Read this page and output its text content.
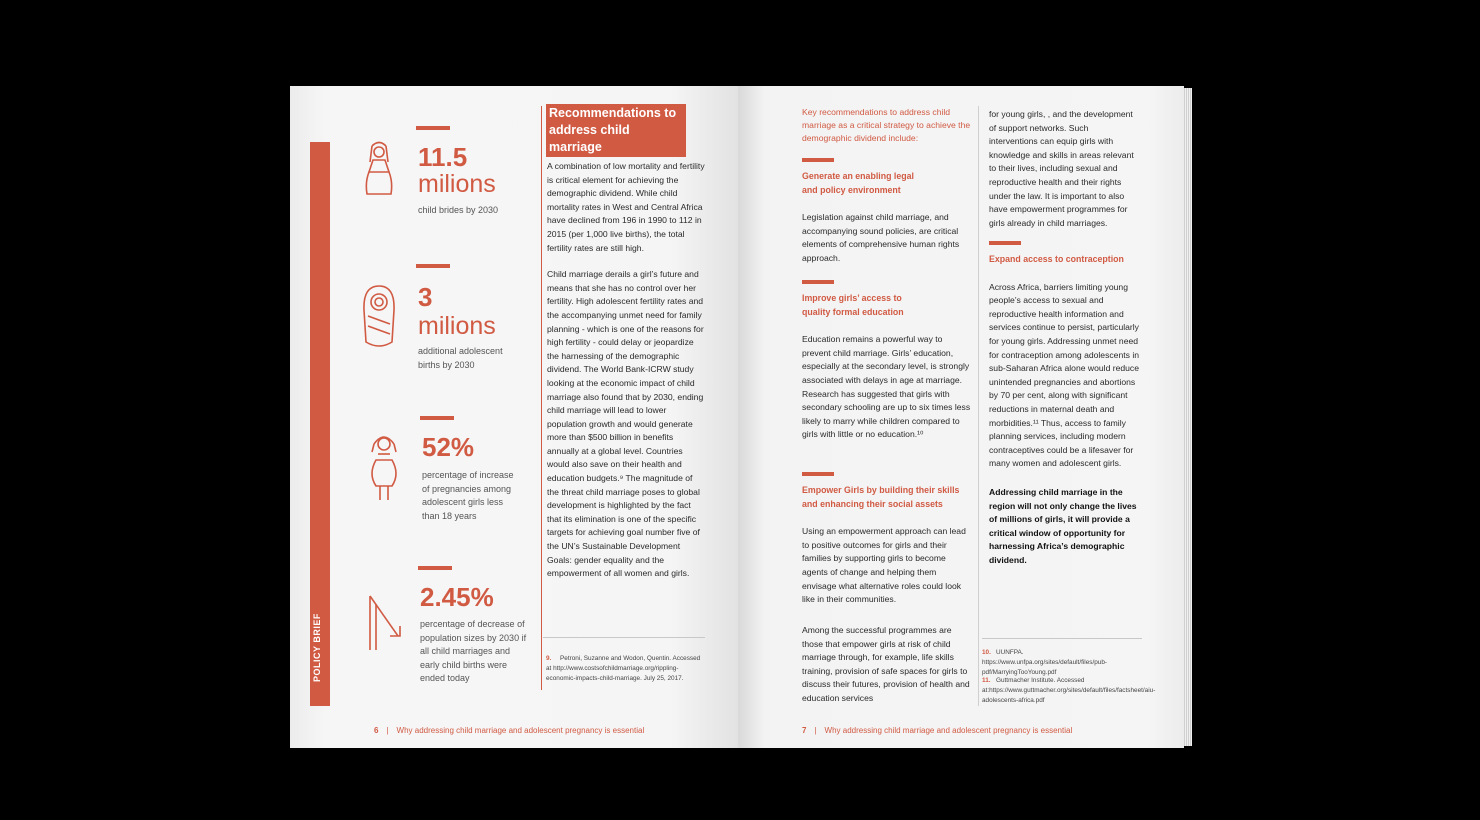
POLICY BRIEF
11.5
milions
child brides by 2030
3
milions
additional adolescent births by 2030
52%
percentage of increase of pregnancies among adolescent girls less than 18 years
2.45%
percentage of decrease of population sizes by 2030 if all child marriages and early child births were ended today
Recommendations to address child marriage

A combination of low mortality and fertility is critical element for achieving the demographic dividend. While child mortality rates in West and Central Africa have declined from 196 in 1990 to 112 in 2015 (per 1,000 live births), the total fertility rates are still high.

Child marriage derails a girl’s future and means that she has no control over her fertility. High adolescent fertility rates and the accompanying unmet need for family planning - which is one of the reasons for high fertility - could delay or jeopardize the harnessing of the demographic dividend. The World Bank-ICRW study looking at the economic impact of child marriage also found that by 2030, ending child marriage will lead to lower population growth and would generate more than $500 billion in benefits annually at a global level. Countries would also save on their health and education budgets.⁹ The magnitude of the threat child marriage poses to global development is highlighted by the fact that its elimination is one of the specific targets for achieving goal number five of the UN’s Sustainable Development Goals: gender equality and the empowerment of all women and girls.

9. Petroni, Suzanne and Wodon, Quentin. Accessed at http://www.costsofchildmarriage.org/rippling-economic-impacts-child-marriage. July 25, 2017.
6 | Why addressing child marriage and adolescent pregnancy is essential
Key recommendations to address child marriage as a critical strategy to achieve the demographic dividend include:
Generate an enabling legal and policy environment
Legislation against child marriage, and accompanying sound policies, are critical elements of comprehensive human rights approach.
Improve girls’ access to quality formal education
Education remains a powerful way to prevent child marriage. Girls’ education, especially at the secondary level, is strongly associated with delays in age at marriage. Research has suggested that girls with secondary schooling are up to six times less likely to marry while children compared to girls with little or no education.¹⁰
Empower Girls by building their skills and enhancing their social assets
Using an empowerment approach can lead to positive outcomes for girls and their families by supporting girls to become agents of change and helping them envisage what alternative roles could look like in their communities.
Among the successful programmes are those that empower girls at risk of child marriage through, for example, life skills training, provision of safe spaces for girls to discuss their futures, provision of health and education services
for young girls, , and the development of support networks. Such interventions can equip girls with knowledge and skills in areas relevant to their lives, including sexual and reproductive health and their rights under the law. It is important to also have empowerment programmes for girls already in child marriages.
Expand access to contraception
Across Africa, barriers limiting young people’s access to sexual and reproductive health information and services continue to persist, particularly for young girls. Addressing unmet need for contraception among adolescents in sub-Saharan Africa alone would reduce unintended pregnancies and abortions by 70 per cent, along with significant reductions in maternal death and morbidities.¹¹ Thus, access to family planning services, including modern contraceptives could be a lifesaver for many women and adolescent girls.
Addressing child marriage in the region will not only change the lives of millions of girls, it will provide a critical window of opportunity for harnessing Africa’s demographic dividend.
10. UUNFPA. https://www.unfpa.org/sites/default/files/pub-pdf/MarryingTooYoung.pdf
11. Guttmacher Institute. Accessed at:https://www.guttmacher.org/sites/default/files/factsheet/aiu-adolescents-africa.pdf
7 | Why addressing child marriage and adolescent pregnancy is essential
